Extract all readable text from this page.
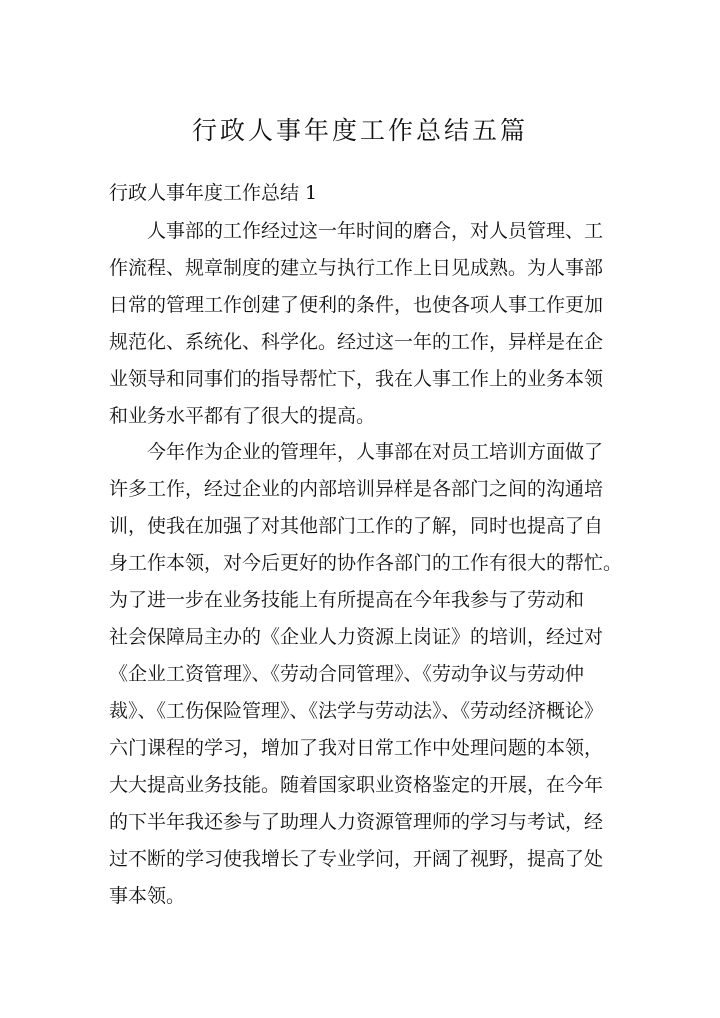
行政人事年度工作总结五篇
行政人事年度工作总结 1
　　人事部的工作经过这一年时间的磨合，对人员管理、工
作流程、规章制度的建立与执行工作上日见成熟。为人事部
日常的管理工作创建了便利的条件，也使各项人事工作更加
规范化、系统化、科学化。经过这一年的工作，异样是在企
业领导和同事们的指导帮忙下，我在人事工作上的业务本领
和业务水平都有了很大的提高。
　　今年作为企业的管理年，人事部在对员工培训方面做了
许多工作，经过企业的内部培训异样是各部门之间的沟通培
训，使我在加强了对其他部门工作的了解，同时也提高了自
身工作本领，对今后更好的协作各部门的工作有很大的帮忙。
为了进一步在业务技能上有所提高在今年我参与了劳动和
社会保障局主办的《企业人力资源上岗证》的培训，经过对
《企业工资管理》、《劳动合同管理》、《劳动争议与劳动仲
裁》、《工伤保险管理》、《法学与劳动法》、《劳动经济概论》
六门课程的学习，增加了我对日常工作中处理问题的本领，
大大提高业务技能。随着国家职业资格鉴定的开展，在今年
的下半年我还参与了助理人力资源管理师的学习与考试，经
过不断的学习使我增长了专业学问，开阔了视野，提高了处
事本领。
